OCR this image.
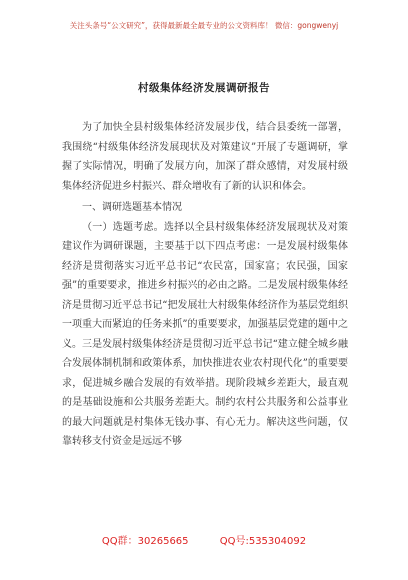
关注头条号“公文研究”，获得最新最全最专业的公文资料库！ 微信：gongwenyj
村级集体经济发展调研报告

为了加快全县村级集体经济发展步伐，结合县委统一部署，我围绕“村级集体经济发展现状及对策建议”开展了专题调研，掌握了实际情况，明确了发展方向，加深了群众感情，对发展村级集体经济促进乡村振兴、群众增收有了新的认识和体会。

一、调研选题基本情况

（一）选题考虑。选择以全县村级集体经济发展现状及对策建议作为调研课题，主要基于以下四点考虑：一是发展村级集体经济是贯彻落实习近平总书记“农民富，国家富；农民强，国家强”的重要要求，推进乡村振兴的必由之路。二是发展村级集体经济是贯彻习近平总书记“把发展壮大村级集体经济作为基层党组织一项重大而紧迫的任务来抓”的重要要求，加强基层党建的题中之义。三是发展村级集体经济是贯彻习近平总书记“建立健全城乡融合发展体制机制和政策体系，加快推进农业农村现代化”的重要要求，促进城乡融合发展的有效举措。现阶段城乡差距大，最直观的是基础设施和公共服务差距大。制约农村公共服务和公益事业的最大问题就是村集体无钱办事、有心无力。解决这些问题，仅靠转移支付资金是远远不够

QQ群：30265665	QQ号:535304092
